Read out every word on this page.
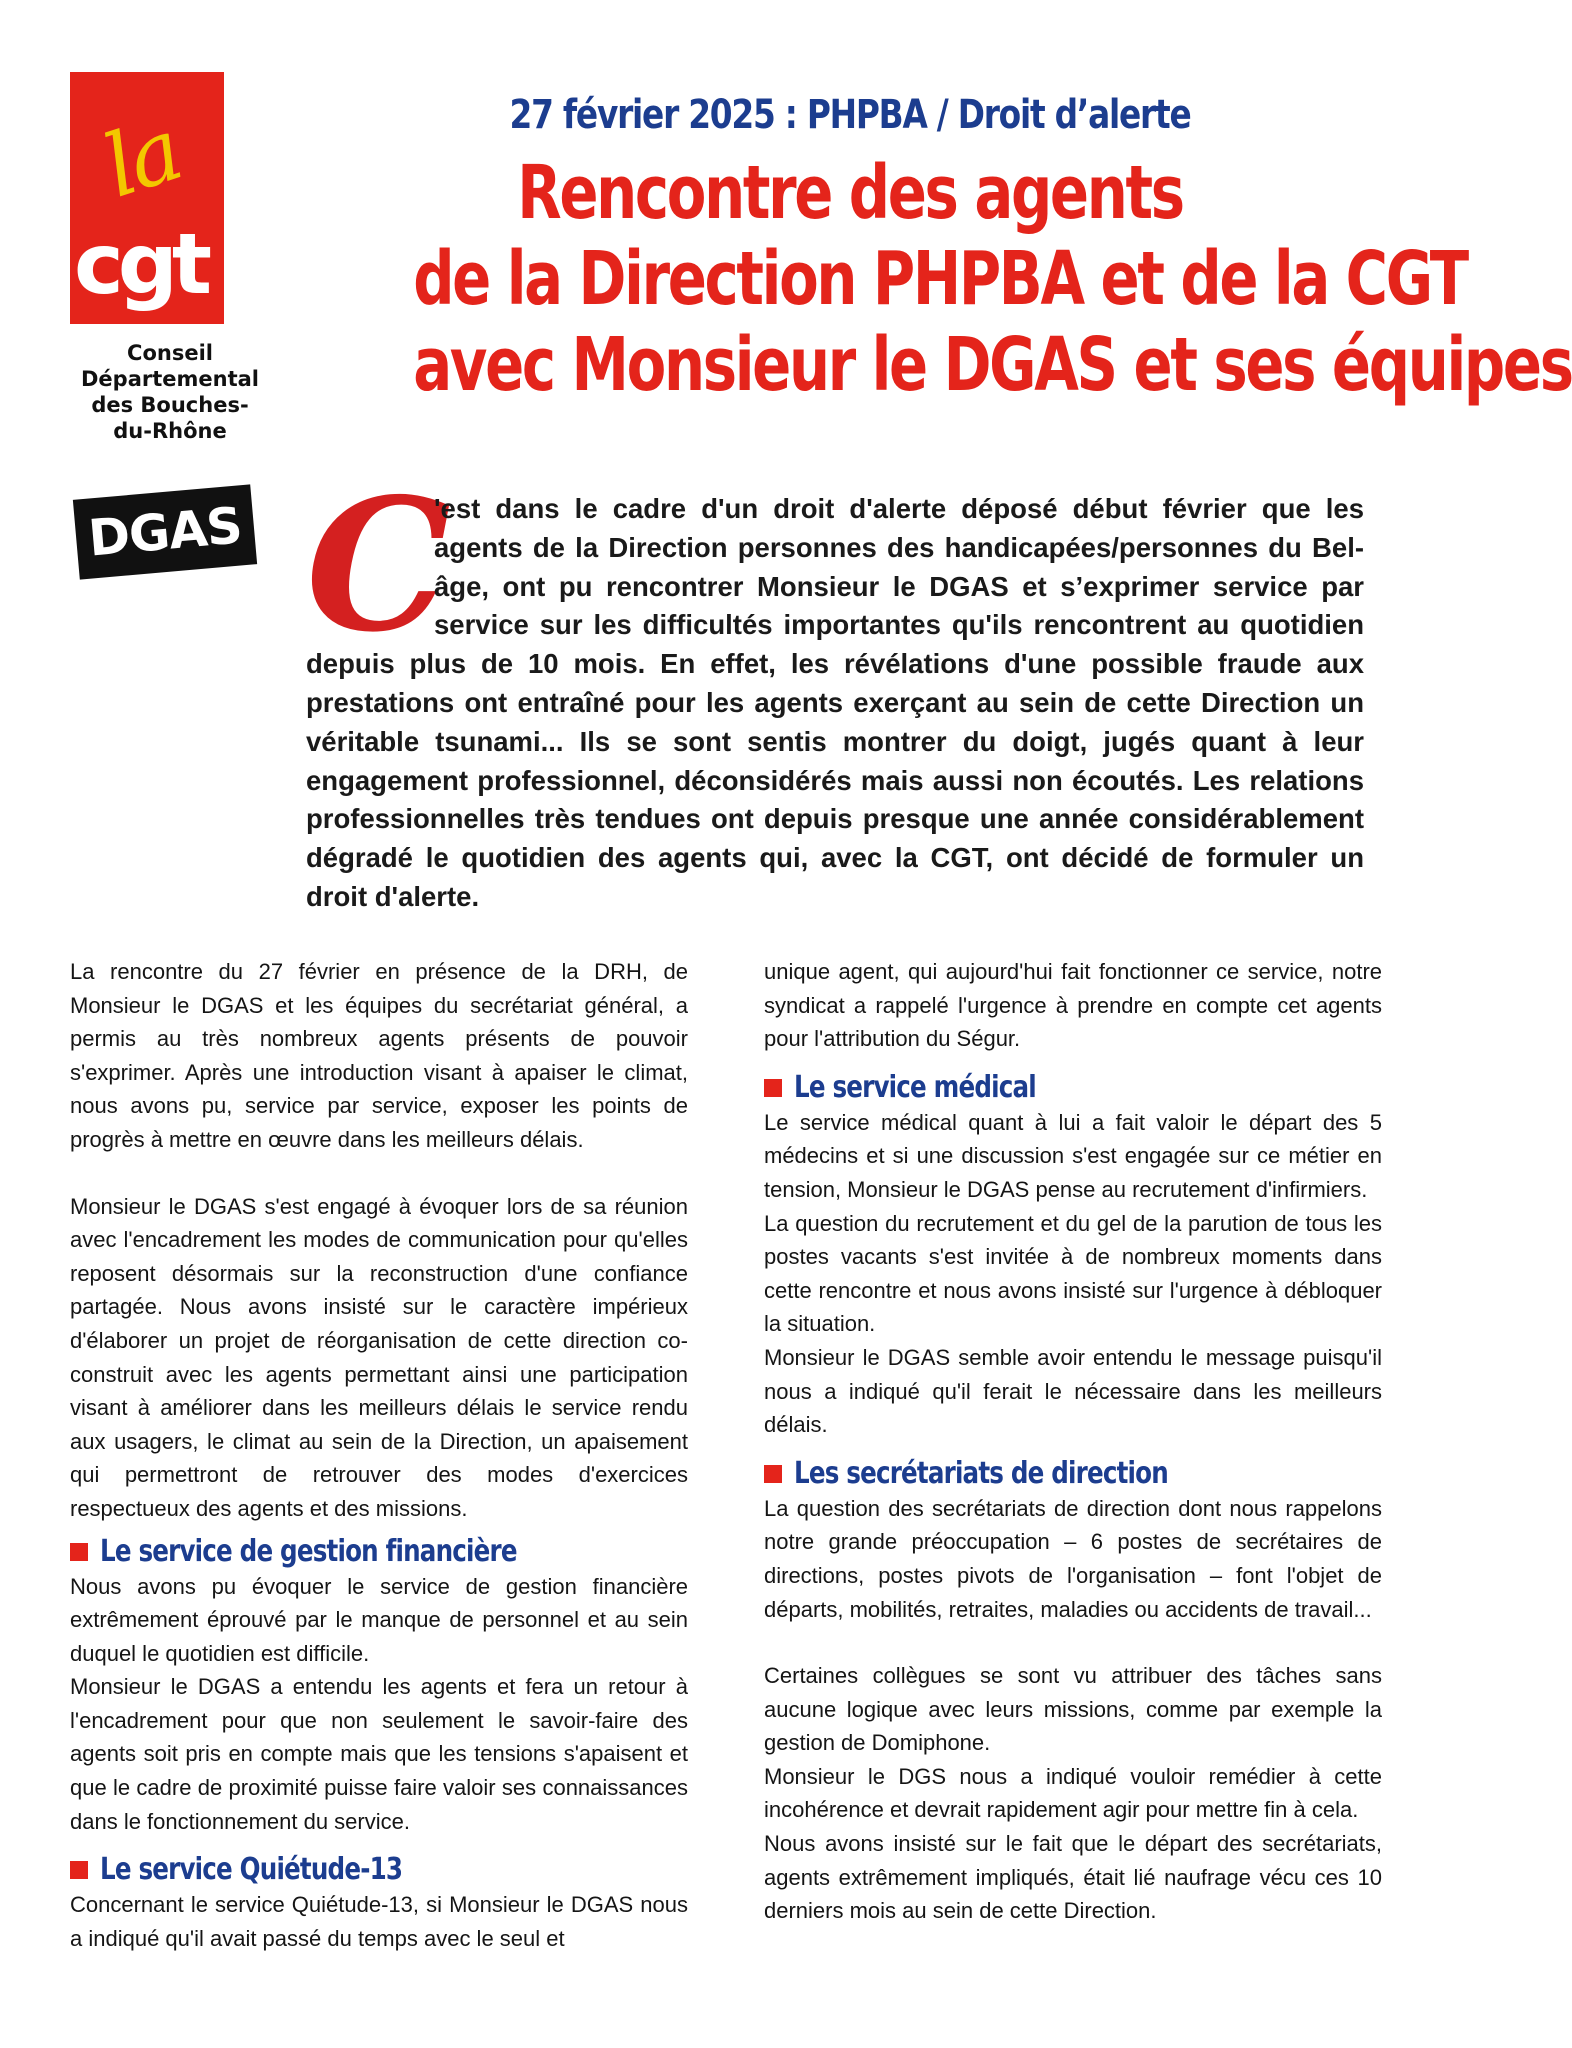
la
cgt
Conseil
Départemental
des Bouches-
du-Rhône
DGAS
27 février 2025 : PHPBA / Droit d’alerte
Rencontre des agents
de la Direction PHPBA et de la CGT
avec Monsieur le DGAS et ses équipes
C
'est dans le cadre d'un droit d'alerte déposé début février que les agents de la Direction personnes des handicapées/personnes du Bel-âge, ont pu rencontrer Monsieur le DGAS et s’exprimer service par service sur les difficultés importantes qu'ils rencontrent au quotidien depuis plus de 10 mois. En effet, les révélations d'une possible fraude aux prestations ont entraîné pour les agents exerçant au sein de cette Direction un véritable tsunami... Ils se sont sentis montrer du doigt, jugés quant à leur engagement professionnel, déconsidérés mais aussi non écoutés. Les relations professionnelles très tendues ont depuis presque une année considérablement dégradé le quotidien des agents qui, avec la CGT, ont décidé de formuler un droit d'alerte.

La rencontre du 27 février en présence de la DRH, de Monsieur le DGAS et les équipes du secrétariat général, a permis au très nombreux agents présents de pouvoir s'exprimer. Après une introduction visant à apaiser le climat, nous avons pu, service par service, exposer les points de progrès à mettre en œuvre dans les meilleurs délais.

Monsieur le DGAS s'est engagé à évoquer lors de sa réunion avec l'encadrement les modes de communication pour qu'elles reposent désormais sur la reconstruction d'une confiance partagée. Nous avons insisté sur le caractère impérieux d'élaborer un projet de réorganisation de cette direction co-construit avec les agents permettant ainsi une participation visant à améliorer dans les meilleurs délais le service rendu aux usagers, le climat au sein de la Direction, un apaisement qui permettront de retrouver des modes d'exercices respectueux des agents et des missions.

Le service de gestion financière

Nous avons pu évoquer le service de gestion financière extrêmement éprouvé par le manque de personnel et au sein duquel le quotidien est difficile.

Monsieur le DGAS a entendu les agents et fera un retour à l'encadrement pour que non seulement le savoir-faire des agents soit pris en compte mais que les tensions s'apaisent et que le cadre de proximité puisse faire valoir ses connaissances dans le fonctionnement du service.

Le service Quiétude-13

Concernant le service Quiétude-13, si Monsieur le DGAS nous a indiqué qu'il avait passé du temps avec le seul et

unique agent, qui aujourd'hui fait fonctionner ce service, notre syndicat a rappelé l'urgence à prendre en compte cet agents pour l'attribution du Ségur.

Le service médical

Le service médical quant à lui a fait valoir le départ des 5 médecins et si une discussion s'est engagée sur ce métier en tension, Monsieur le DGAS pense au recrutement d'infirmiers.

La question du recrutement et du gel de la parution de tous les postes vacants s'est invitée à de nombreux moments dans cette rencontre et nous avons insisté sur l'urgence à débloquer la situation.

Monsieur le DGAS semble avoir entendu le message puisqu'il nous a indiqué qu'il ferait le nécessaire dans les meilleurs délais.

Les secrétariats de direction

La question des secrétariats de direction dont nous rappelons notre grande préoccupation – 6 postes de secrétaires de directions, postes pivots de l'organisation – font l'objet de départs, mobilités, retraites, maladies ou accidents de travail...

Certaines collègues se sont vu attribuer des tâches sans aucune logique avec leurs missions, comme par exemple la gestion de Domiphone.

Monsieur le DGS nous a indiqué vouloir remédier à cette incohérence et devrait rapidement agir pour mettre fin à cela.

Nous avons insisté sur le fait que le départ des secrétariats, agents extrêmement impliqués, était lié naufrage vécu ces 10 derniers mois au sein de cette Direction.
